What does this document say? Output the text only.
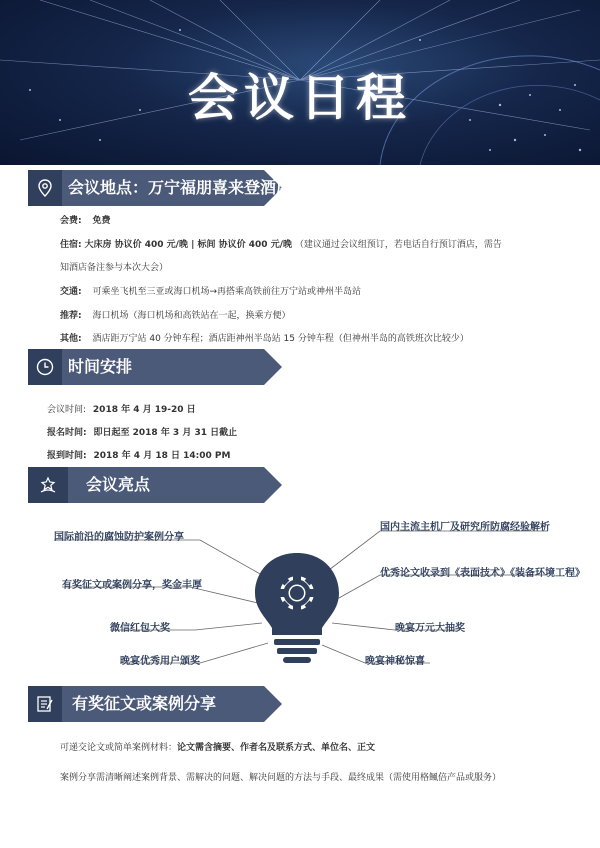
会议日程
会议地点：万宁福朋喜来登酒店
会费: 免费
住宿: 大床房 协议价 400 元/晚 | 标间 协议价 400 元/晚 （建议通过会议组预订，若电话自行预订酒店，需告
知酒店备注参与本次大会）
交通: 可乘坐飞机至三亚或海口机场→再搭乘高铁前往万宁站或神州半岛站
推荐: 海口机场（海口机场和高铁站在一起，换乘方便）
其他: 酒店距万宁站 40 分钟车程；酒店距神州半岛站 15 分钟车程（但神州半岛的高铁班次比较少）
时间安排
会议时间: 2018 年 4 月 19-20 日
报名时间: 即日起至 2018 年 3 月 31 日截止
报到时间: 2018 年 4 月 18 日 14:00 PM
会议亮点
国际前沿的腐蚀防护案例分享
有奖征文或案例分享，奖金丰厚
微信红包大奖
晚宴优秀用户颁奖
国内主流主机厂及研究所防腐经验解析
优秀论文收录到《表面技术》《装备环境工程》
晚宴万元大抽奖
晚宴神秘惊喜
有奖征文或案例分享
可递交论文或简单案例材料：论文需含摘要、作者名及联系方式、单位名、正文
案例分享需清晰阐述案例背景、需解决的问题、解决问题的方法与手段、最终成果（需使用格鲺倍产品或服务）
